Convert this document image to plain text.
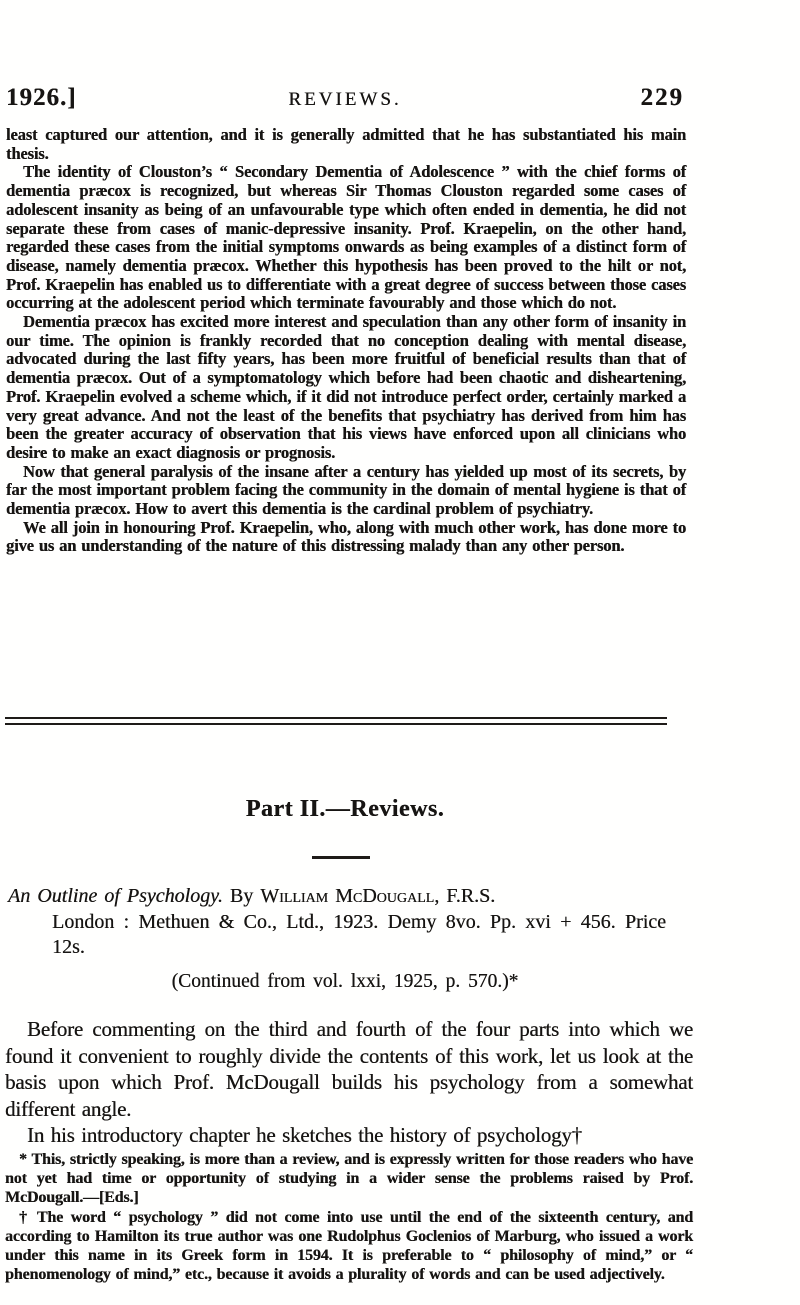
1926.]	REVIEWS.	229

least captured our attention, and it is generally admitted that he has substantiated his main thesis.

The identity of Clouston’s “ Secondary Dementia of Adolescence ” with the chief forms of dementia præcox is recognized, but whereas Sir Thomas Clouston regarded some cases of adolescent insanity as being of an unfavourable type which often ended in dementia, he did not separate these from cases of manic-depressive insanity. Prof. Kraepelin, on the other hand, regarded these cases from the initial symptoms onwards as being examples of a distinct form of disease, namely dementia præcox. Whether this hypothesis has been proved to the hilt or not, Prof. Kraepelin has enabled us to differentiate with a great degree of success between those cases occurring at the adolescent period which terminate favourably and those which do not.

Dementia præcox has excited more interest and speculation than any other form of insanity in our time. The opinion is frankly recorded that no conception dealing with mental disease, advocated during the last fifty years, has been more fruitful of beneficial results than that of dementia præcox. Out of a symptomatology which before had been chaotic and disheartening, Prof. Kraepelin evolved a scheme which, if it did not introduce perfect order, certainly marked a very great advance. And not the least of the benefits that psychiatry has derived from him has been the greater accuracy of observation that his views have enforced upon all clinicians who desire to make an exact diagnosis or prognosis.

Now that general paralysis of the insane after a century has yielded up most of its secrets, by far the most important problem facing the community in the domain of mental hygiene is that of dementia præcox. How to avert this dementia is the cardinal problem of psychiatry.

We all join in honouring Prof. Kraepelin, who, along with much other work, has done more to give us an understanding of the nature of this distressing malady than any other person.

Part II.—Reviews.

An Outline of Psychology. By William McDougall, F.R.S.
London : Methuen & Co., Ltd., 1923. Demy 8vo. Pp. xvi + 456. Price 12s.

(Continued from vol. lxxi, 1925, p. 570.)*

Before commenting on the third and fourth of the four parts into which we found it convenient to roughly divide the contents of this work, let us look at the basis upon which Prof. McDougall builds his psychology from a somewhat different angle.

In his introductory chapter he sketches the history of psychology†

* This, strictly speaking, is more than a review, and is expressly written for those readers who have not yet had time or opportunity of studying in a wider sense the problems raised by Prof. McDougall.—[Eds.]

† The word “ psychology ” did not come into use until the end of the sixteenth century, and according to Hamilton its true author was one Rudolphus Goclenios of Marburg, who issued a work under this name in its Greek form in 1594. It is preferable to “ philosophy of mind,” or “ phenomenology of mind,” etc., because it avoids a plurality of words and can be used adjectively.
